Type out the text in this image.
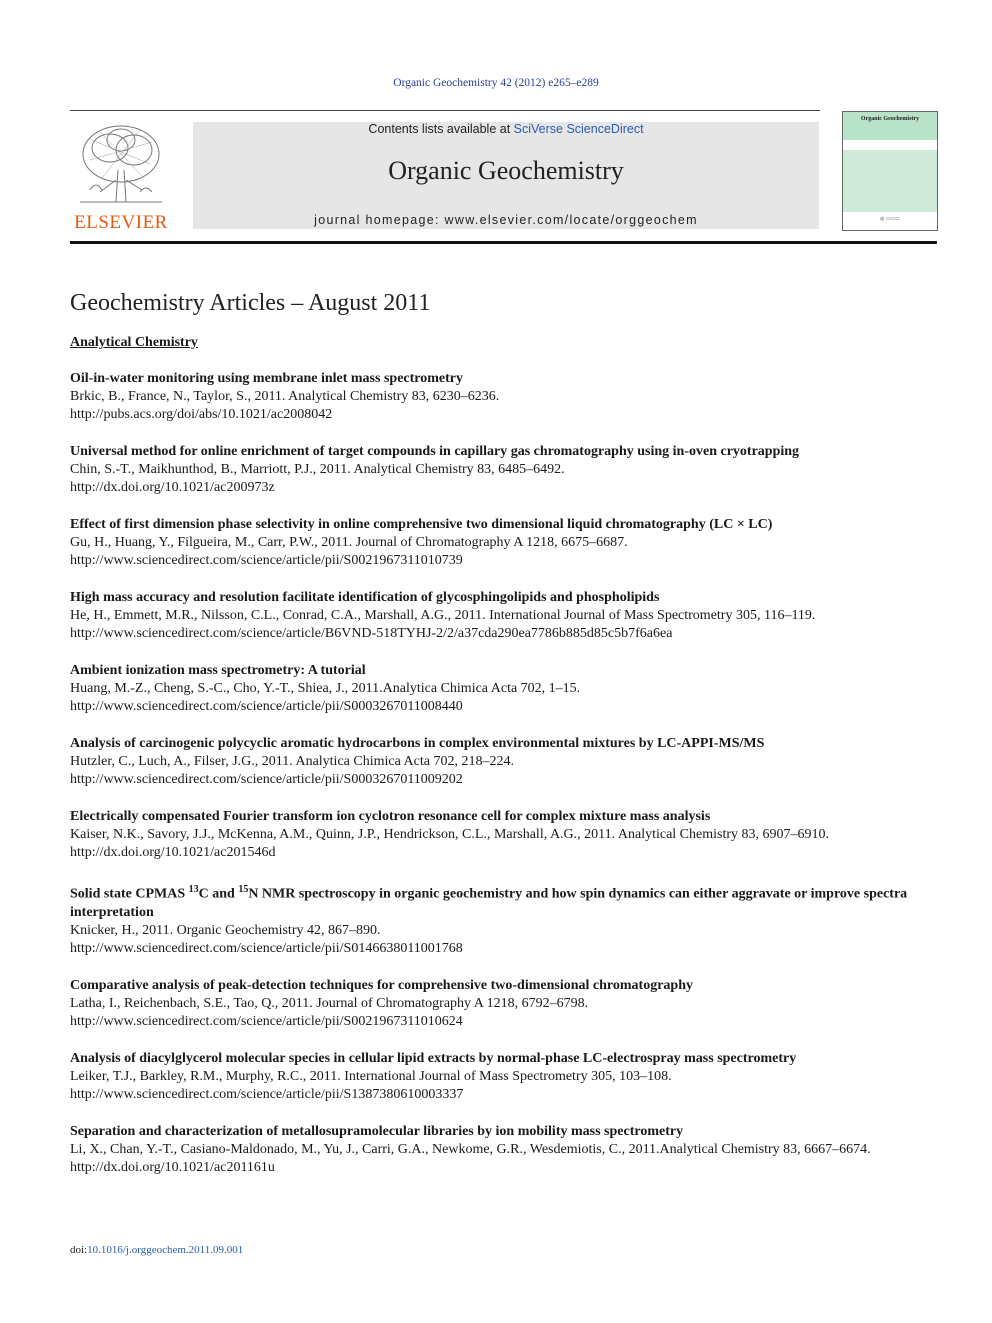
Organic Geochemistry 42 (2012) e265–e289
ELSEVIER
Contents lists available at SciVerse ScienceDirect
Organic Geochemistry
journal homepage: www.elsevier.com/locate/orggeochem
Organic Geochemistry
◎ ▭▭▭
Geochemistry Articles – August 2011
Analytical Chemistry
Oil-in-water monitoring using membrane inlet mass spectrometry
Brkic, B., France, N., Taylor, S., 2011. Analytical Chemistry 83, 6230–6236.
http://pubs.acs.org/doi/abs/10.1021/ac2008042
Universal method for online enrichment of target compounds in capillary gas chromatography using in-oven cryotrapping
Chin, S.-T., Maikhunthod, B., Marriott, P.J., 2011. Analytical Chemistry 83, 6485–6492.
http://dx.doi.org/10.1021/ac200973z
Effect of first dimension phase selectivity in online comprehensive two dimensional liquid chromatography (LC × LC)
Gu, H., Huang, Y., Filgueira, M., Carr, P.W., 2011. Journal of Chromatography A 1218, 6675–6687.
http://www.sciencedirect.com/science/article/pii/S0021967311010739
High mass accuracy and resolution facilitate identification of glycosphingolipids and phospholipids
He, H., Emmett, M.R., Nilsson, C.L., Conrad, C.A., Marshall, A.G., 2011. International Journal of Mass Spectrometry 305, 116–119.
http://www.sciencedirect.com/science/article/B6VND-518TYHJ-2/2/a37cda290ea7786b885d85c5b7f6a6ea
Ambient ionization mass spectrometry: A tutorial
Huang, M.-Z., Cheng, S.-C., Cho, Y.-T., Shiea, J., 2011.Analytica Chimica Acta 702, 1–15.
http://www.sciencedirect.com/science/article/pii/S0003267011008440
Analysis of carcinogenic polycyclic aromatic hydrocarbons in complex environmental mixtures by LC-APPI-MS/MS
Hutzler, C., Luch, A., Filser, J.G., 2011. Analytica Chimica Acta 702, 218–224.
http://www.sciencedirect.com/science/article/pii/S0003267011009202
Electrically compensated Fourier transform ion cyclotron resonance cell for complex mixture mass analysis
Kaiser, N.K., Savory, J.J., McKenna, A.M., Quinn, J.P., Hendrickson, C.L., Marshall, A.G., 2011. Analytical Chemistry 83, 6907–6910.
http://dx.doi.org/10.1021/ac201546d
Solid state CPMAS $^{13}$C and $^{15}$N NMR spectroscopy in organic geochemistry and how spin dynamics can either aggravate or improve spectra interpretation
Knicker, H., 2011. Organic Geochemistry 42, 867–890.
http://www.sciencedirect.com/science/article/pii/S0146638011001768
Comparative analysis of peak-detection techniques for comprehensive two-dimensional chromatography
Latha, I., Reichenbach, S.E., Tao, Q., 2011. Journal of Chromatography A 1218, 6792–6798.
http://www.sciencedirect.com/science/article/pii/S0021967311010624
Analysis of diacylglycerol molecular species in cellular lipid extracts by normal-phase LC-electrospray mass spectrometry
Leiker, T.J., Barkley, R.M., Murphy, R.C., 2011. International Journal of Mass Spectrometry 305, 103–108.
http://www.sciencedirect.com/science/article/pii/S1387380610003337
Separation and characterization of metallosupramolecular libraries by ion mobility mass spectrometry
Li, X., Chan, Y.-T., Casiano-Maldonado, M., Yu, J., Carri, G.A., Newkome, G.R., Wesdemiotis, C., 2011.Analytical Chemistry 83, 6667–6674.
http://dx.doi.org/10.1021/ac201161u
doi:10.1016/j.orggeochem.2011.09.001
